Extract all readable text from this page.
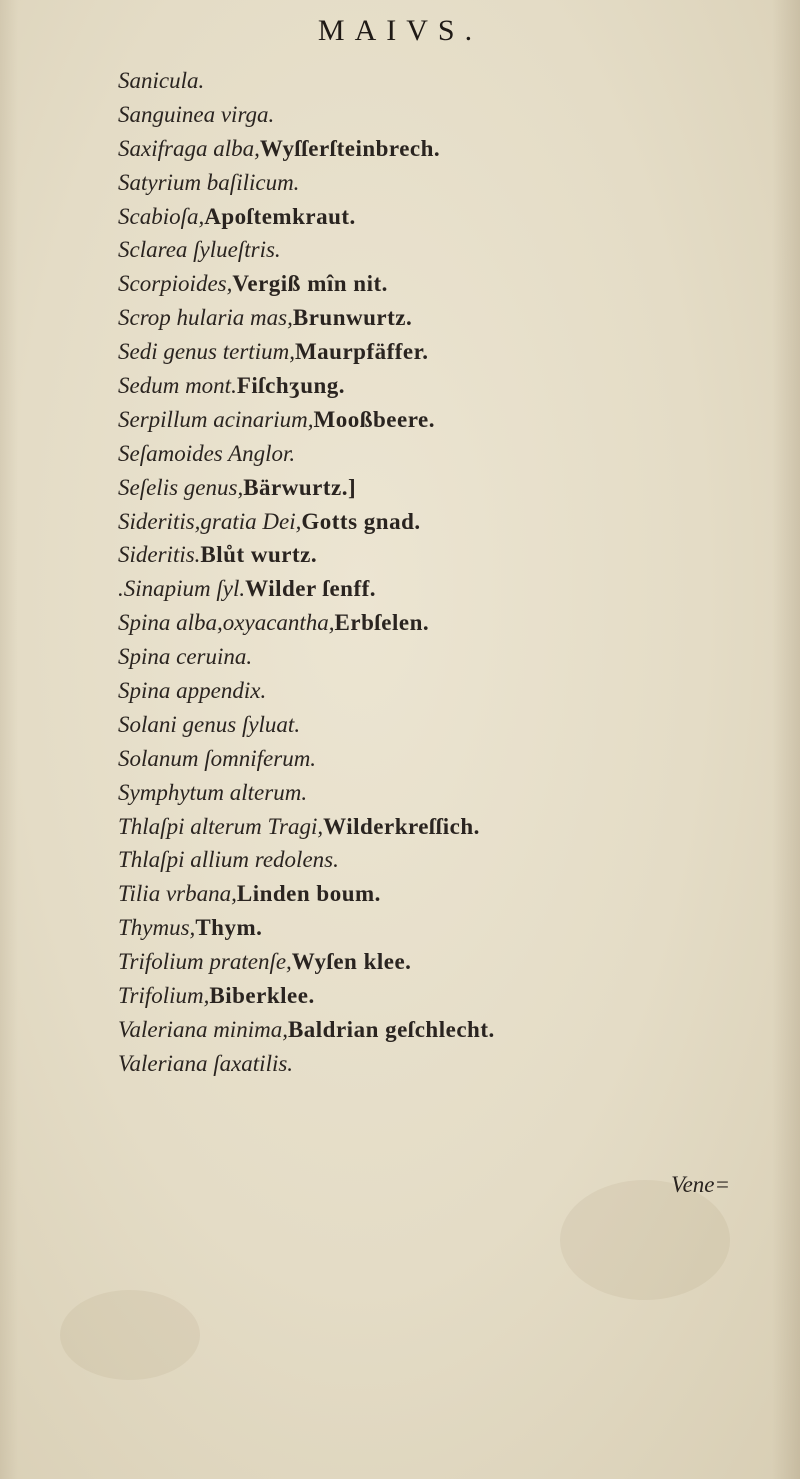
MAIVS.
Sanicula.
Sanguinea virga.
Saxifraga alba,Wyſſerſteinbrech.
Satyrium baſilicum.
Scabioſa,Apoſtemkraut.
Sclarea ſylueſtris.
Scorpioides,Vergiß mîn nit.
Scrop hularia mas,Brunwurtz.
Sedi genus tertium,Maurpfäffer.
Sedum mont.Fiſchʒung.
Serpillum acinarium,Mooßbeere.
Seſamoides Anglor.
Seſelis genus,Bärwurtz.]
Sideritis,gratia Dei,Gotts gnad.
Sideritis.Blůt wurtz.
.Sinapium ſyl.Wilder ſenff.
Spina alba,oxyacantha,Erbſelen.
Spina ceruina.
Spina appendix.
Solani genus ſyluat.
Solanum ſomniferum.
Symphytum alterum.
Thlaſpi alterum Tragi,Wilderkreſſich.
Thlaſpi allium redolens.
Tilia vrbana,Linden boum.
Thymus,Thym.
Trifolium pratenſe,Wyſen klee.
Trifolium,Biberklee.
Valeriana minima,Baldrian geſchlecht.
Valeriana ſaxatilis.
Vene=
